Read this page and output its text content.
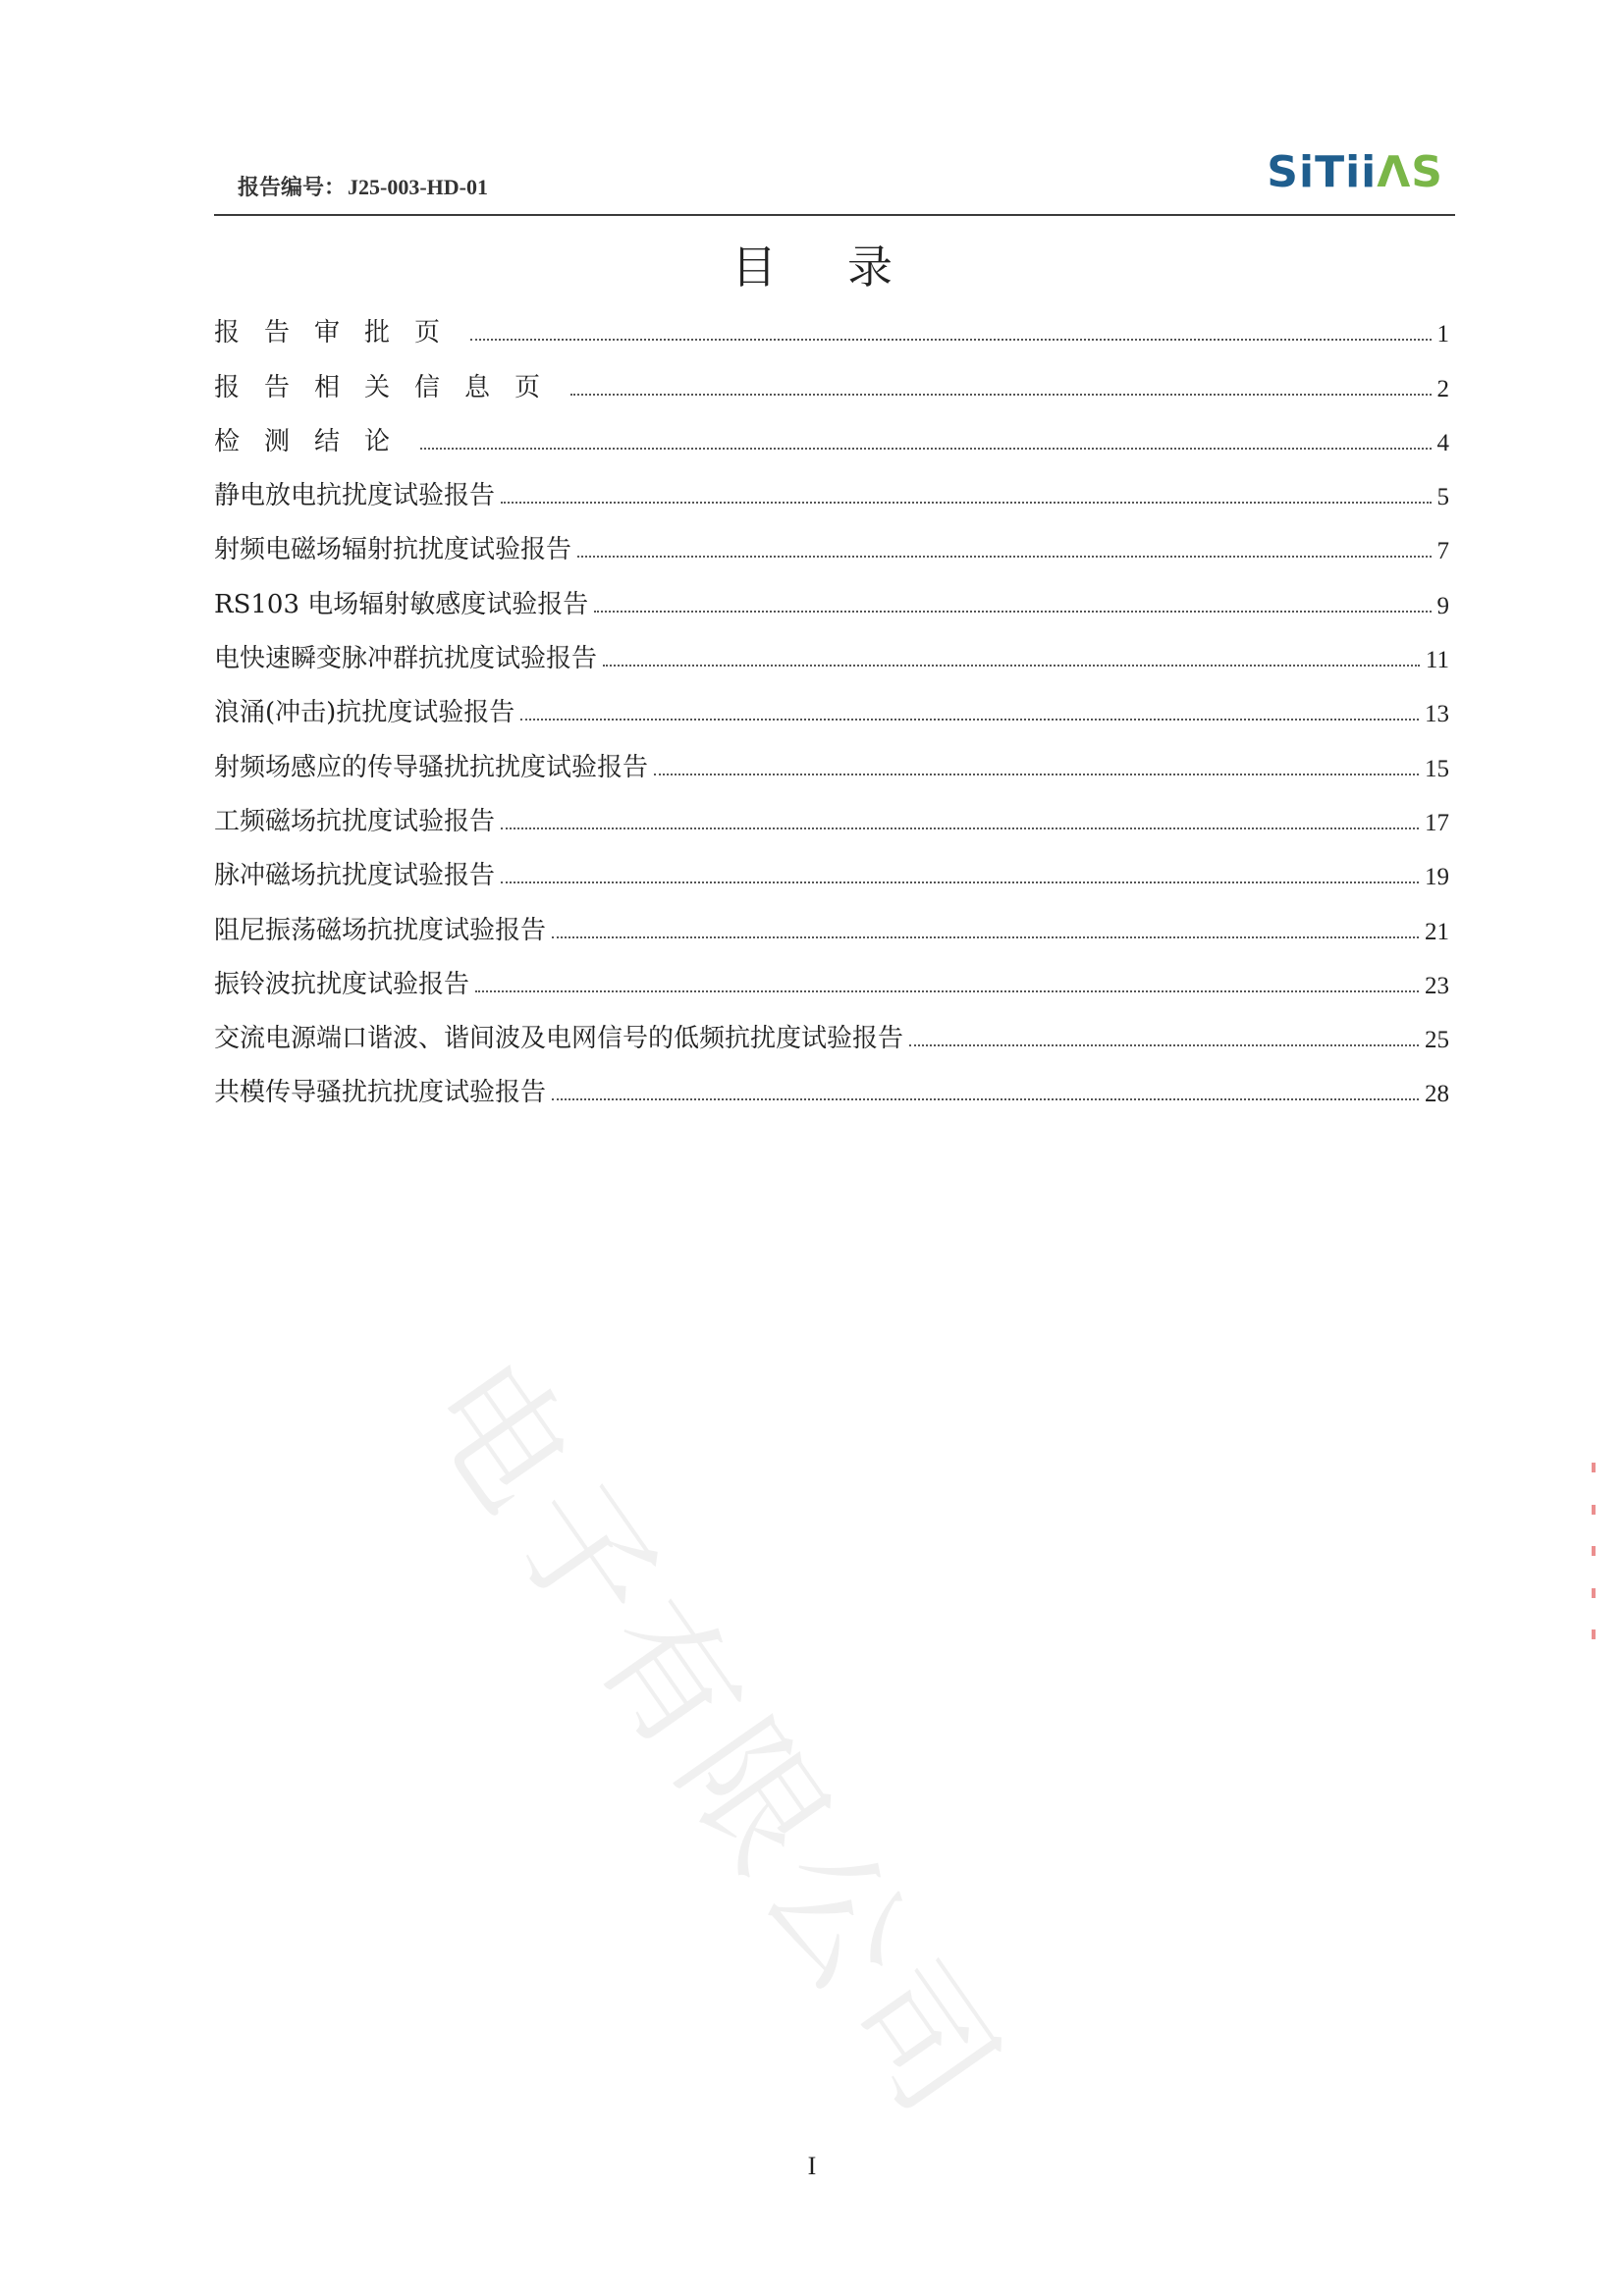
报告编号：J25-003-HD-01	SiTii ΛS
目录
报告审批页	1
报告相关信息页	2
检测结论	4
静电放电抗扰度试验报告	5
射频电磁场辐射抗扰度试验报告	7
RS103 电场辐射敏感度试验报告	9
电快速瞬变脉冲群抗扰度试验报告	11
浪涌(冲击)抗扰度试验报告	13
射频场感应的传导骚扰抗扰度试验报告	15
工频磁场抗扰度试验报告	17
脉冲磁场抗扰度试验报告	19
阻尼振荡磁场抗扰度试验报告	21
振铃波抗扰度试验报告	23
交流电源端口谐波、谐间波及电网信号的低频抗扰度试验报告	25
共模传导骚扰抗扰度试验报告	28
电子有限公司
I
